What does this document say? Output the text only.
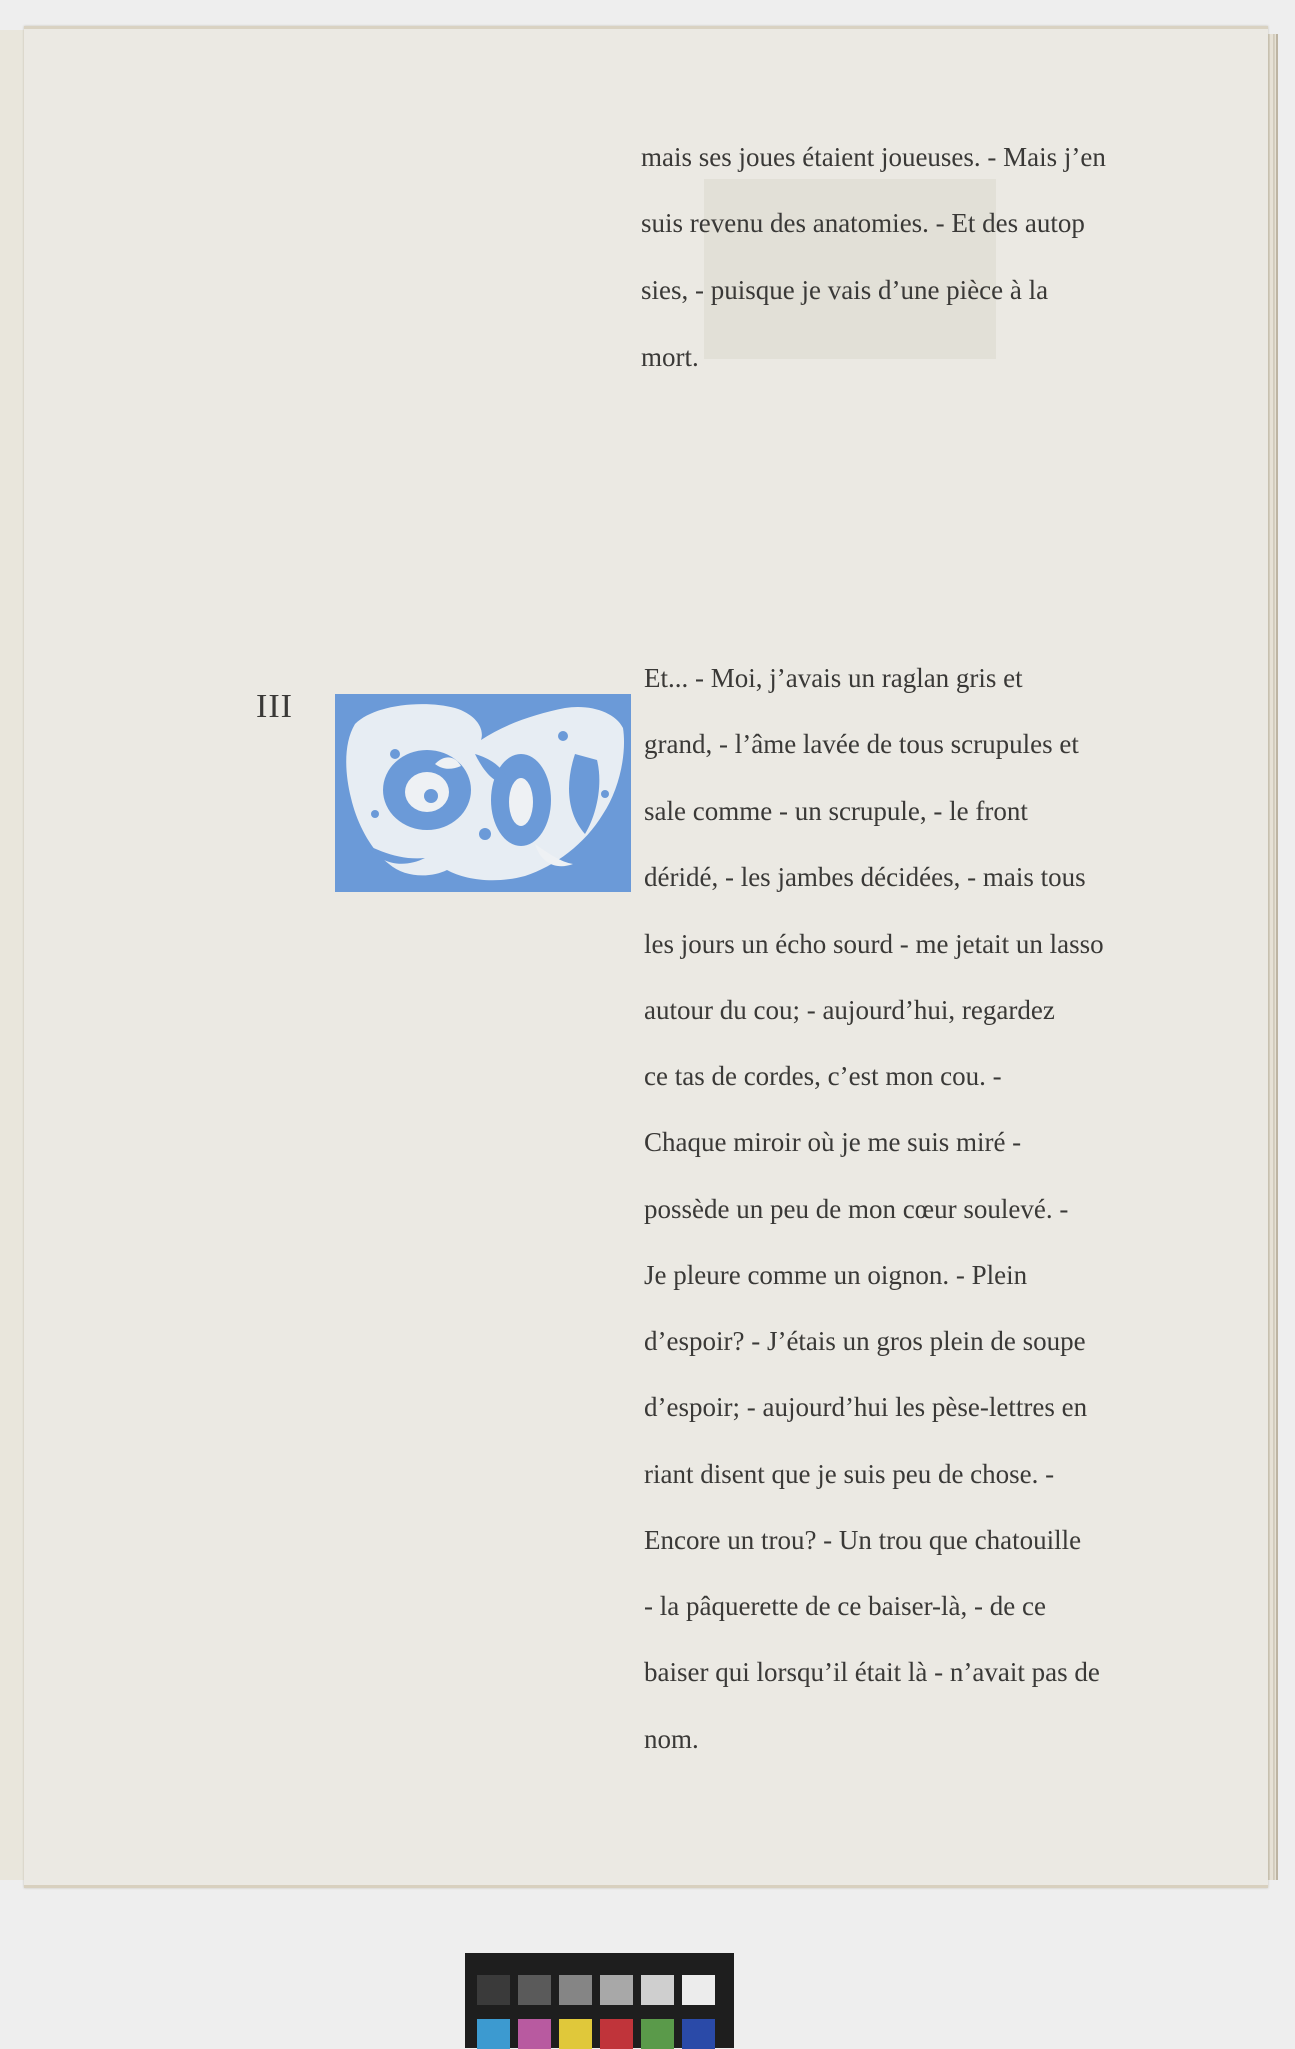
mais ses joues étaient joueuses. - Mais j’en
suis revenu des anatomies. - Et des autop
sies, - puisque je vais d’une pièce à la
mort.
III
Et... - Moi, j’avais un raglan gris et
grand, - l’âme lavée de tous scrupules et
sale comme - un scrupule, - le front
déridé, - les jambes décidées, - mais tous
les jours un écho sourd - me jetait un lasso
autour du cou; - aujourd’hui, regardez
ce tas de cordes, c’est mon cou. -
Chaque miroir où je me suis miré -
possède un peu de mon cœur soulevé. -
Je pleure comme un oignon. - Plein
d’espoir? - J’étais un gros plein de soupe
d’espoir; - aujourd’hui les pèse-lettres en
riant disent que je suis peu de chose. -
Encore un trou? - Un trou que chatouille
- la pâquerette de ce baiser-là, - de ce
baiser qui lorsqu’il était là - n’avait pas de
nom.
